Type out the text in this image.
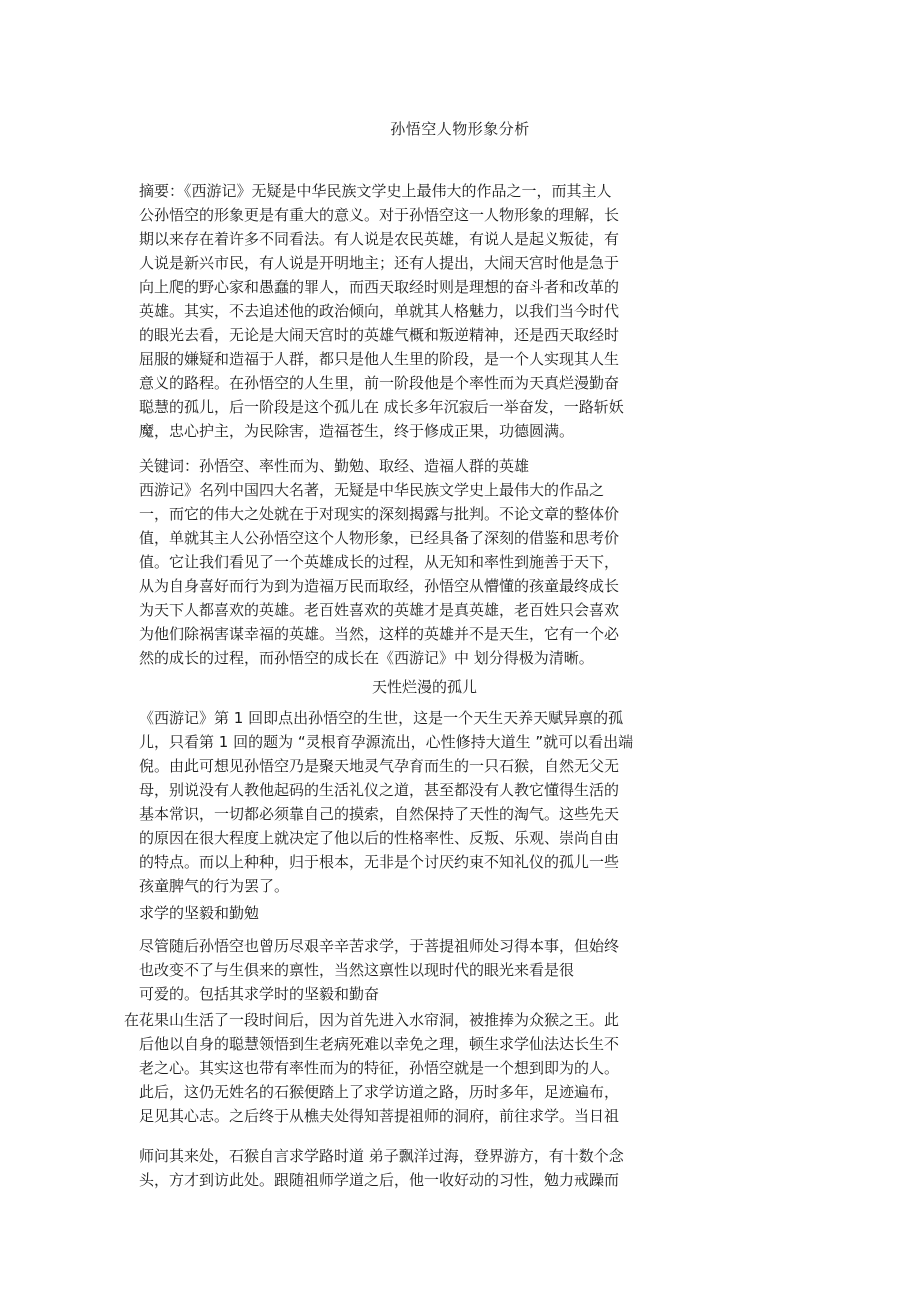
孙悟空人物形象分析
摘要：《西游记》无疑是中华民族文学史上最伟大的作品之一，而其主人
公孙悟空的形象更是有重大的意义。对于孙悟空这一人物形象的理解，长
期以来存在着许多不同看法。有人说是农民英雄，有说人是起义叛徒，有
人说是新兴市民，有人说是开明地主；还有人提出，大闹天宫时他是急于
向上爬的野心家和愚蠢的罪人，而西天取经时则是理想的奋斗者和改革的
英雄。其实，不去追述他的政治倾向，单就其人格魅力，以我们当今时代
的眼光去看，无论是大闹天宫时的英雄气概和叛逆精神，还是西天取经时
屈服的嫌疑和造福于人群，都只是他人生里的阶段，是一个人实现其人生
意义的路程。在孙悟空的人生里，前一阶段他是个率性而为天真烂漫勤奋
聪慧的孤儿，后一阶段是这个孤儿在 成长多年沉寂后一举奋发，一路斩妖
魔，忠心护主，为民除害，造福苍生，终于修成正果，功德圆满。
关键词：孙悟空、率性而为、勤勉、取经、造福人群的英雄
西游记》名列中国四大名著，无疑是中华民族文学史上最伟大的作品之
一，而它的伟大之处就在于对现实的深刻揭露与批判。不论文章的整体价
值，单就其主人公孙悟空这个人物形象，已经具备了深刻的借鉴和思考价
值。它让我们看见了一个英雄成长的过程，从无知和率性到施善于天下，
从为自身喜好而行为到为造福万民而取经，孙悟空从懵懂的孩童最终成长
为天下人都喜欢的英雄。老百姓喜欢的英雄才是真英雄，老百姓只会喜欢
为他们除祸害谋幸福的英雄。当然，这样的英雄并不是天生，它有一个必
然的成长的过程，而孙悟空的成长在《西游记》中 划分得极为清晰。
天性烂漫的孤儿
《西游记》第 1 回即点出孙悟空的生世，这是一个天生天养天赋异禀的孤
儿，只看第 1 回的题为 “灵根育孕源流出，心性修持大道生 ”就可以看出端
倪。由此可想见孙悟空乃是聚天地灵气孕育而生的一只石猴，自然无父无
母，别说没有人教他起码的生活礼仪之道，甚至都没有人教它懂得生活的
基本常识，一切都必须靠自己的摸索，自然保持了天性的淘气。这些先天
的原因在很大程度上就决定了他以后的性格率性、反叛、乐观、崇尚自由
的特点。而以上种种，归于根本，无非是个讨厌约束不知礼仪的孤儿一些
孩童脾气的行为罢了。
求学的坚毅和勤勉
尽管随后孙悟空也曾历尽艰辛辛苦求学，于菩提祖师处习得本事，但始终
也改变不了与生俱来的禀性，当然这禀性以现时代的眼光来看是很
可爱的。包括其求学时的坚毅和勤奋
在花果山生活了一段时间后，因为首先进入水帘洞，被推捧为众猴之王。此
后他以自身的聪慧领悟到生老病死难以幸免之理，顿生求学仙法达长生不
老之心。其实这也带有率性而为的特征，孙悟空就是一个想到即为的人。
此后，这仍无姓名的石猴便踏上了求学访道之路，历时多年，足迹遍布，
足见其心志。之后终于从樵夫处得知菩提祖师的洞府，前往求学。当日祖
师问其来处，石猴自言求学路时道 弟子飘洋过海，登界游方，有十数个念
头，方才到访此处。跟随祖师学道之后，他一收好动的习性，勉力戒躁而
